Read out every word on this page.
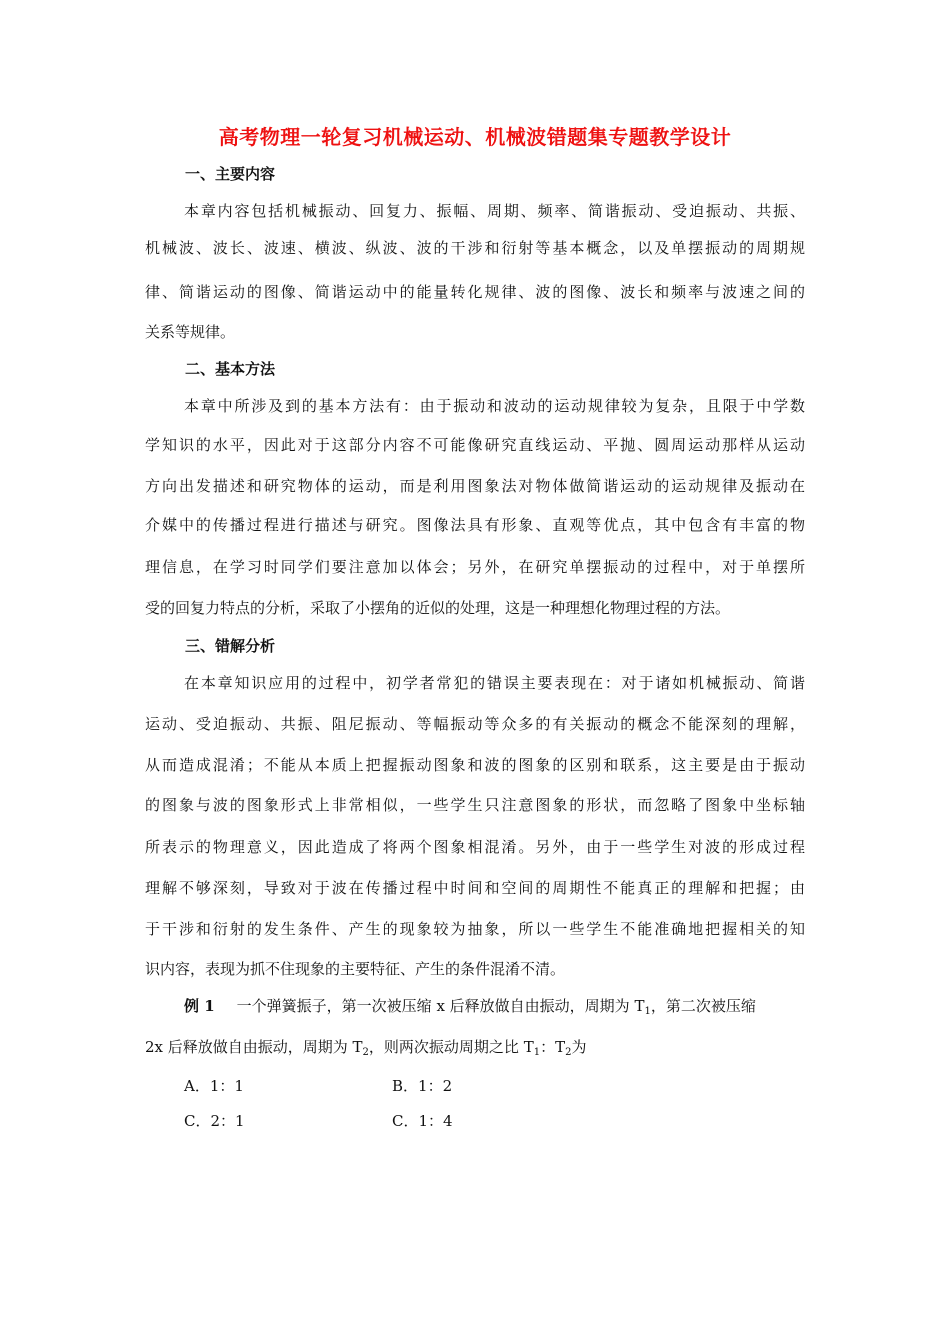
高考物理一轮复习机械运动、机械波错题集专题教学设计
一、主要内容
本章内容包括机械振动、回复力、振幅、周期、频率、简谐振动、受迫振动、共振、
机械波、波长、波速、横波、纵波、波的干涉和衍射等基本概念，以及单摆振动的周期规
律、简谐运动的图像、简谐运动中的能量转化规律、波的图像、波长和频率与波速之间的
关系等规律。
二、基本方法
本章中所涉及到的基本方法有：由于振动和波动的运动规律较为复杂，且限于中学数
学知识的水平，因此对于这部分内容不可能像研究直线运动、平抛、圆周运动那样从运动
方向出发描述和研究物体的运动，而是利用图象法对物体做简谐运动的运动规律及振动在
介媒中的传播过程进行描述与研究。图像法具有形象、直观等优点，其中包含有丰富的物
理信息，在学习时同学们要注意加以体会；另外，在研究单摆振动的过程中，对于单摆所
受的回复力特点的分析，采取了小摆角的近似的处理，这是一种理想化物理过程的方法。
三、错解分析
在本章知识应用的过程中，初学者常犯的错误主要表现在：对于诸如机械振动、简谐
运动、受迫振动、共振、阻尼振动、等幅振动等众多的有关振动的概念不能深刻的理解，
从而造成混淆；不能从本质上把握振动图象和波的图象的区别和联系，这主要是由于振动
的图象与波的图象形式上非常相似，一些学生只注意图象的形状，而忽略了图象中坐标轴
所表示的物理意义，因此造成了将两个图象相混淆。另外，由于一些学生对波的形成过程
理解不够深刻，导致对于波在传播过程中时间和空间的周期性不能真正的理解和把握；由
于干涉和衍射的发生条件、产生的现象较为抽象，所以一些学生不能准确地把握相关的知
识内容，表现为抓不住现象的主要特征、产生的条件混淆不清。
例 1 一个弹簧振子，第一次被压缩 x 后释放做自由振动，周期为 $T_1$，第二次被压缩
2x 后释放做自由振动，周期为 $T_2$，则两次振动周期之比 $T_1$：$T_2$为
A．1：1	B．1：2
C．2：1	C．1：4
